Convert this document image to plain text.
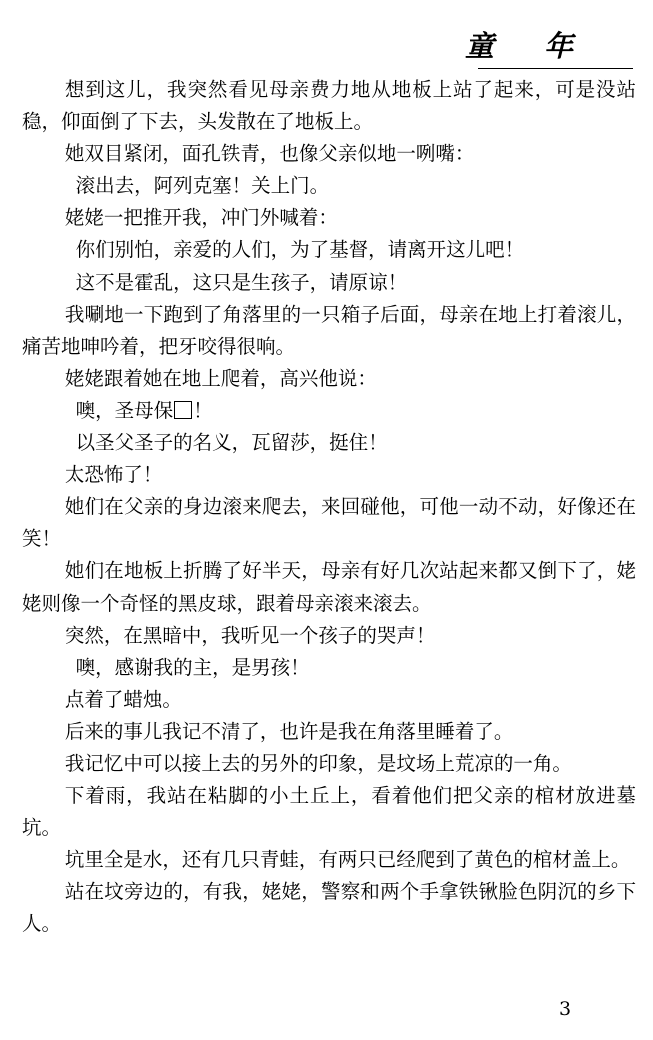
童年

想到这儿，我突然看见母亲费力地从地板上站了起来，可是没站稳，仰面倒了下去，头发散在了地板上。

她双目紧闭，面孔铁青，也像父亲似地一咧嘴：

滚出去，阿列克塞！关上门。

姥姥一把推开我，冲门外喊着：

你们别怕，亲爱的人们，为了基督，请离开这儿吧！

这不是霍乱，这只是生孩子，请原谅！

我唰地一下跑到了角落里的一只箱子后面，母亲在地上打着滚儿，痛苦地呻吟着，把牙咬得很响。

姥姥跟着她在地上爬着，高兴他说：

噢，圣母保 ！

以圣父圣子的名义，瓦留莎，挺住！

太恐怖了！

她们在父亲的身边滚来爬去，来回碰他，可他一动不动，好像还在笑！

她们在地板上折腾了好半天，母亲有好几次站起来都又倒下了，姥姥则像一个奇怪的黑皮球，跟着母亲滚来滚去。

突然，在黑暗中，我听见一个孩子的哭声！

噢，感谢我的主，是男孩！

点着了蜡烛。

后来的事儿我记不清了，也许是我在角落里睡着了。

我记忆中可以接上去的另外的印象，是坟场上荒凉的一角。

下着雨，我站在粘脚的小土丘上，看着他们把父亲的棺材放进墓坑。

坑里全是水，还有几只青蛙，有两只已经爬到了黄色的棺材盖上。

站在坟旁边的，有我，姥姥，警察和两个手拿铁锹脸色阴沉的乡下人。

3
